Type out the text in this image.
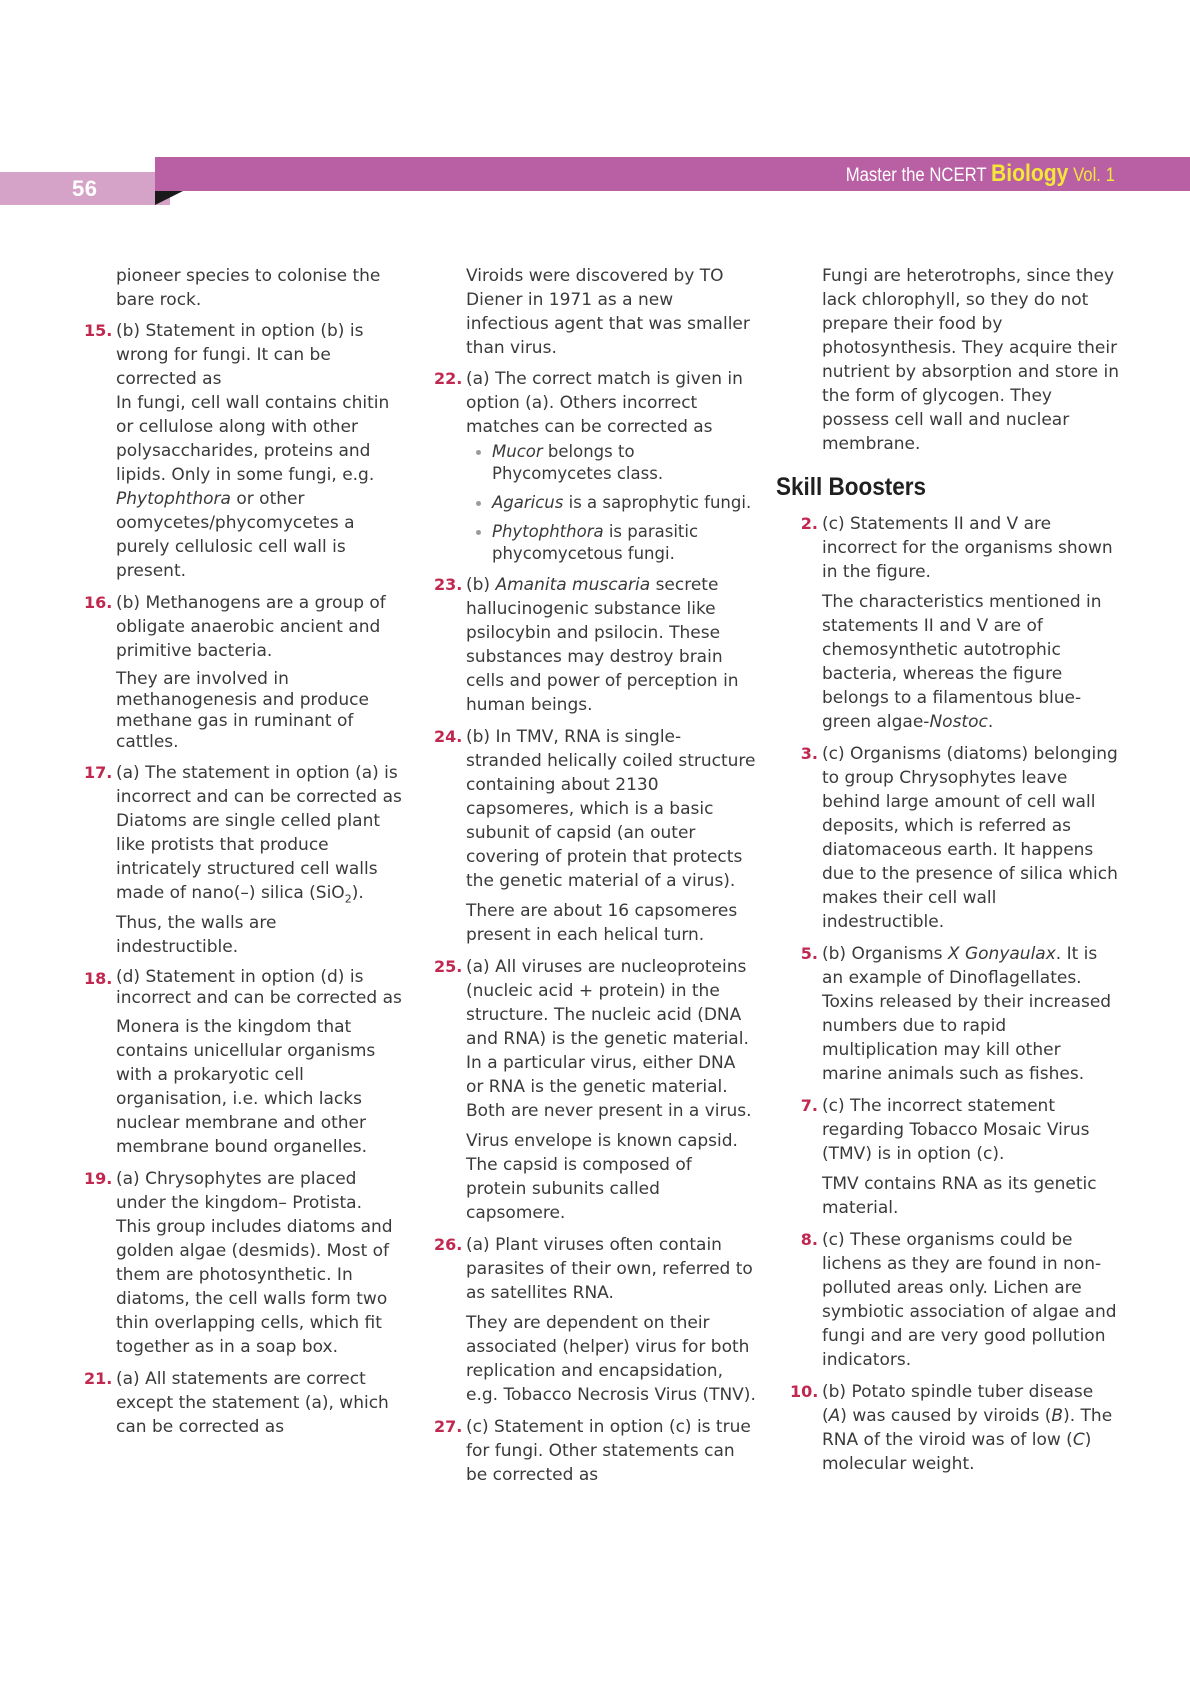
56
Master the NCERT Biology Vol. 1

pioneer species to colonise the bare rock.

15. (b) Statement in option (b) is wrong for fungi. It can be corrected as
In fungi, cell wall contains chitin or cellulose along with other polysaccharides, proteins and lipids. Only in some fungi, e.g. Phytophthora or other oomycetes/phycomycetes a purely cellulosic cell wall is present.
16. (b) Methanogens are a group of obligate anaerobic ancient and primitive bacteria.

They are involved in methanogenesis and produce methane gas in ruminant of cattles.

17. (a) The statement in option (a) is incorrect and can be corrected as Diatoms are single celled plant like protists that produce intricately structured cell walls made of nano(–) silica (SiO$_2$). Thus, the walls are indestructible.
18. (d) Statement in option (d) is incorrect and can be corrected as

Monera is the kingdom that contains unicellular organisms with a prokaryotic cell organisation, i.e. which lacks nuclear membrane and other membrane bound organelles.

19. (a) Chrysophytes are placed under the kingdom– Protista. This group includes diatoms and golden algae (desmids). Most of them are photosynthetic. In diatoms, the cell walls form two thin overlapping cells, which fit together as in a soap box.
21. (a) All statements are correct except the statement (a), which can be corrected as

Viroids were discovered by TO Diener in 1971 as a new infectious agent that was smaller than virus.

22. (a) The correct match is given in option (a). Others incorrect matches can be corrected as
Mucor belongs to Phycomycetes class.
Agaricus is a saprophytic fungi.
Phytophthora is parasitic phycomycetous fungi.
23. (b) Amanita muscaria secrete hallucinogenic substance like psilocybin and psilocin. These substances may destroy brain cells and power of perception in human beings.
24. (b) In TMV, RNA is single-stranded helically coiled structure containing about 2130 capsomeres, which is a basic subunit of capsid (an outer covering of protein that protects the genetic material of a virus).

There are about 16 capsomeres present in each helical turn.

25. (a) All viruses are nucleoproteins (nucleic acid + protein) in the structure. The nucleic acid (DNA and RNA) is the genetic material. In a particular virus, either DNA or RNA is the genetic material. Both are never present in a virus.

Virus envelope is known capsid. The capsid is composed of protein subunits called capsomere.

26. (a) Plant viruses often contain parasites of their own, referred to as satellites RNA.

They are dependent on their associated (helper) virus for both replication and encapsidation, e.g. Tobacco Necrosis Virus (TNV).

27. (c) Statement in option (c) is true for fungi. Other statements can be corrected as

Fungi are heterotrophs, since they lack chlorophyll, so they do not prepare their food by photosynthesis. They acquire their nutrient by absorption and store in the form of glycogen. They possess cell wall and nuclear membrane.

Skill Boosters
2. (c) Statements II and V are incorrect for the organisms shown in the figure.

The characteristics mentioned in statements II and V are of chemosynthetic autotrophic bacteria, whereas the figure belongs to a filamentous blue-green algae-Nostoc.

3. (c) Organisms (diatoms) belonging to group Chrysophytes leave behind large amount of cell wall deposits, which is referred as diatomaceous earth. It happens due to the presence of silica which makes their cell wall indestructible.
5. (b) Organisms X Gonyaulax. It is an example of Dinoflagellates. Toxins released by their increased numbers due to rapid multiplication may kill other marine animals such as fishes.
7. (c) The incorrect statement regarding Tobacco Mosaic Virus (TMV) is in option (c).

TMV contains RNA as its genetic material.

8. (c) These organisms could be lichens as they are found in non-polluted areas only. Lichen are symbiotic association of algae and fungi and are very good pollution indicators.
10. (b) Potato spindle tuber disease (A) was caused by viroids (B). The RNA of the viroid was of low (C) molecular weight.
